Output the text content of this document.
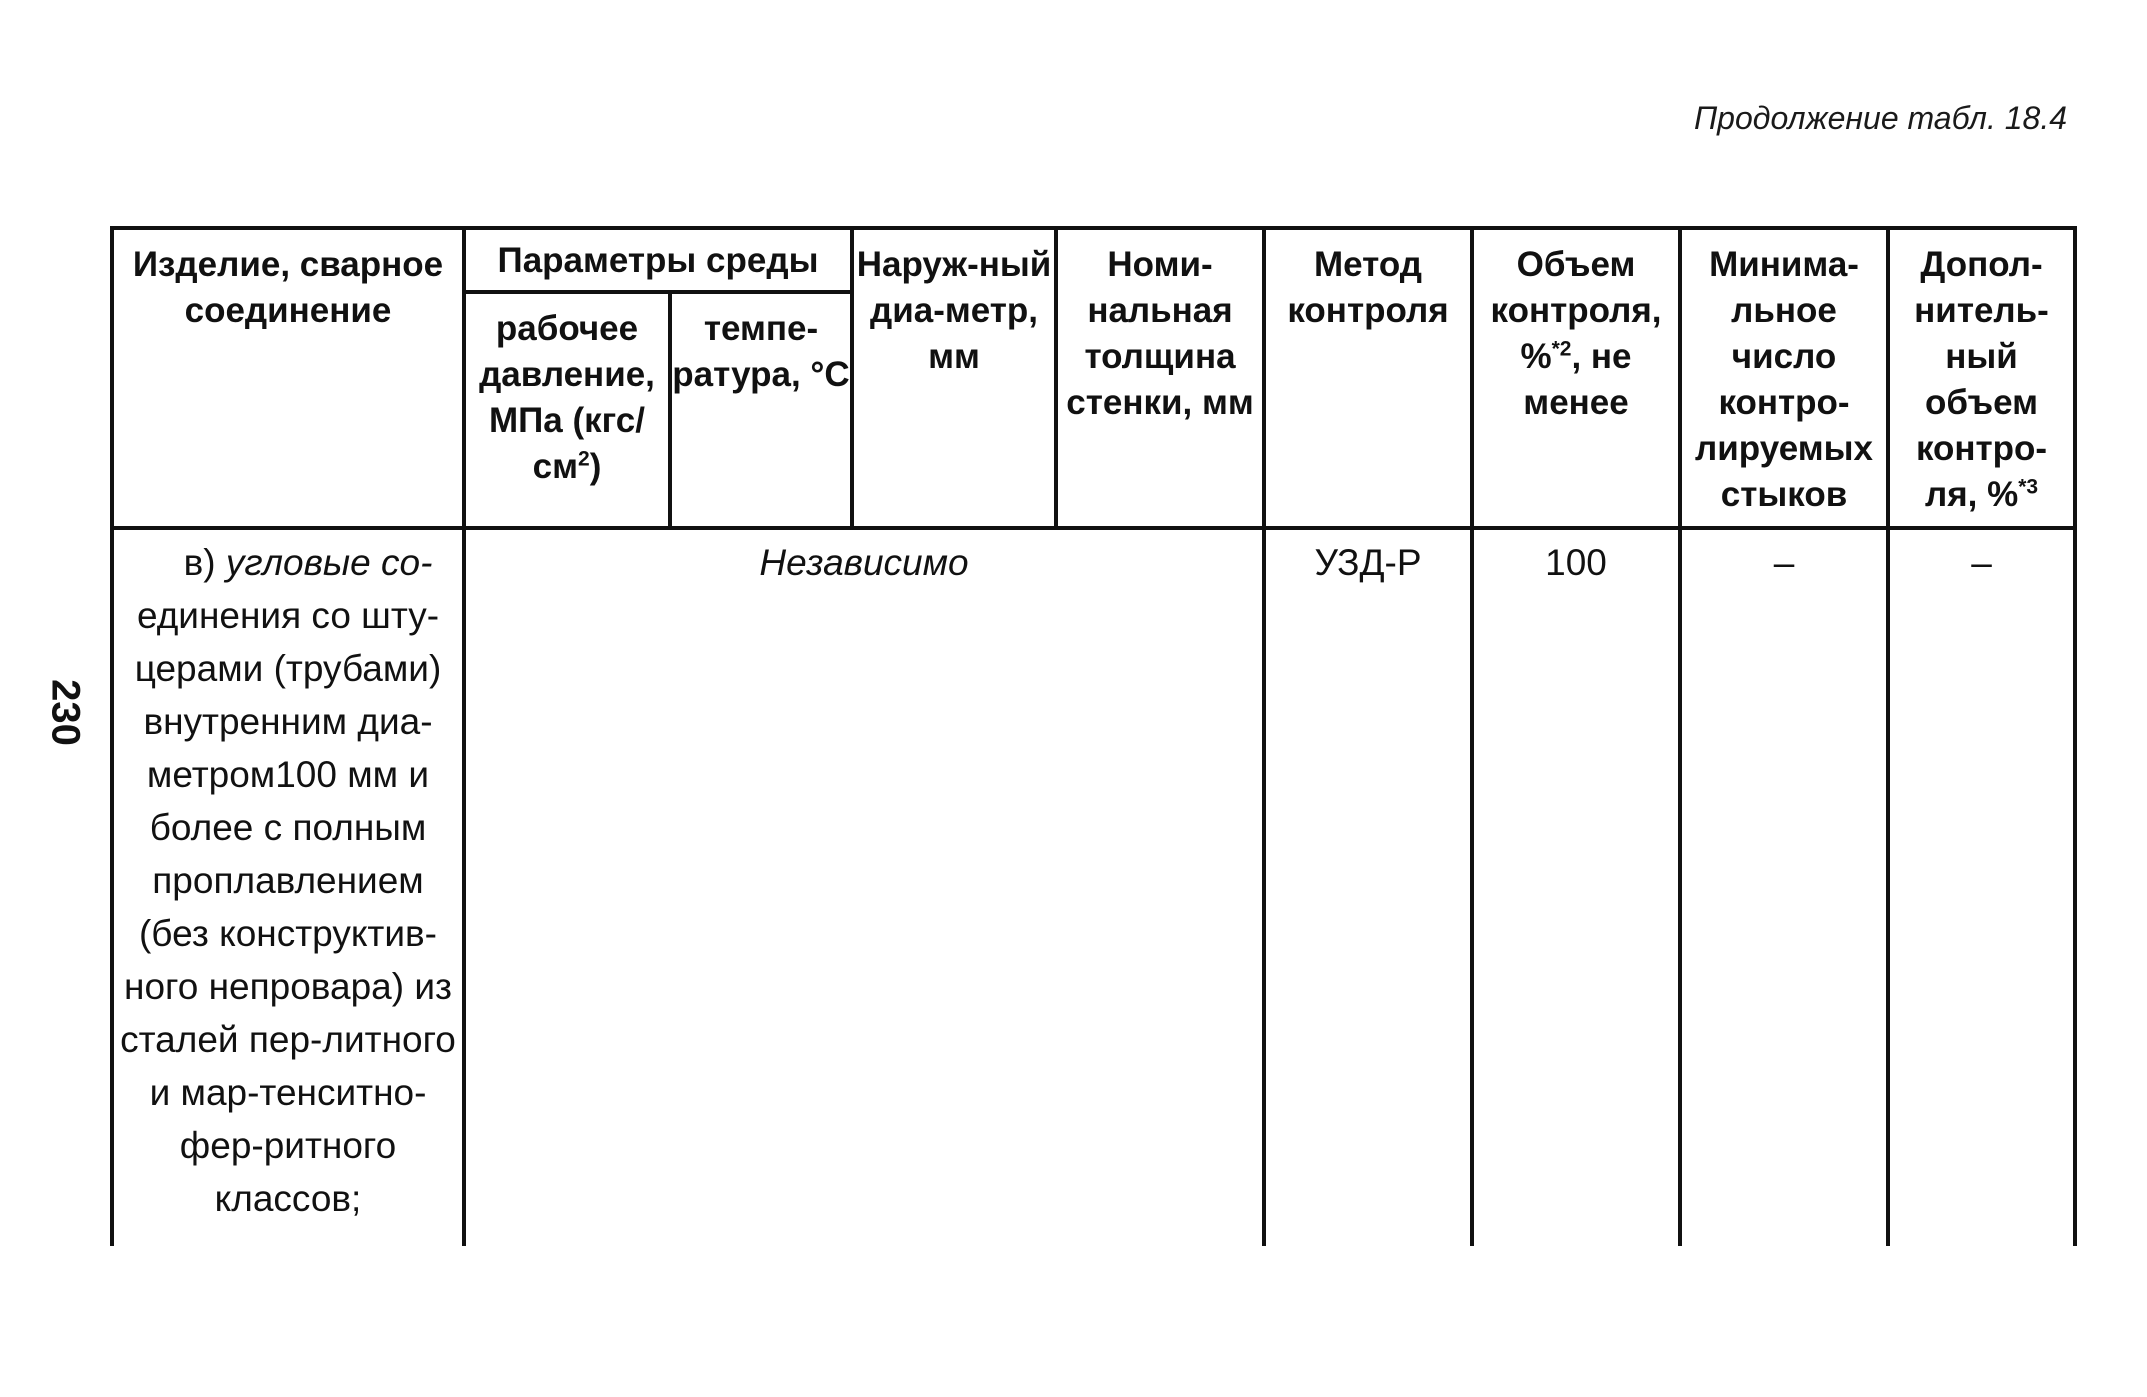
Продолжение табл. 18.4
230
Изделие, сварное соединение	Параметры среды		Наруж-ный диа-метр, мм	Номи-нальная толщина стенки, мм	Метод контроля	Объем контроля, %$^{*2}$, не менее	Минима-льное число контро-лируемых стыков	Допол-нитель-ный объем контро-ля, %$^{*3}$
	рабочее давление, МПа $(кгс/см^2)$	темпе-ратура, °С						
в) угловые со-
единения со шту-церами (трубами) внутренним диа-метром100 мм и более с полным проплавлением (без конструктив-ного непровара) из сталей пер-литного и мар-тенситно-фер-ритного классов;	Независимо				УЗД-Р	100	–	–
